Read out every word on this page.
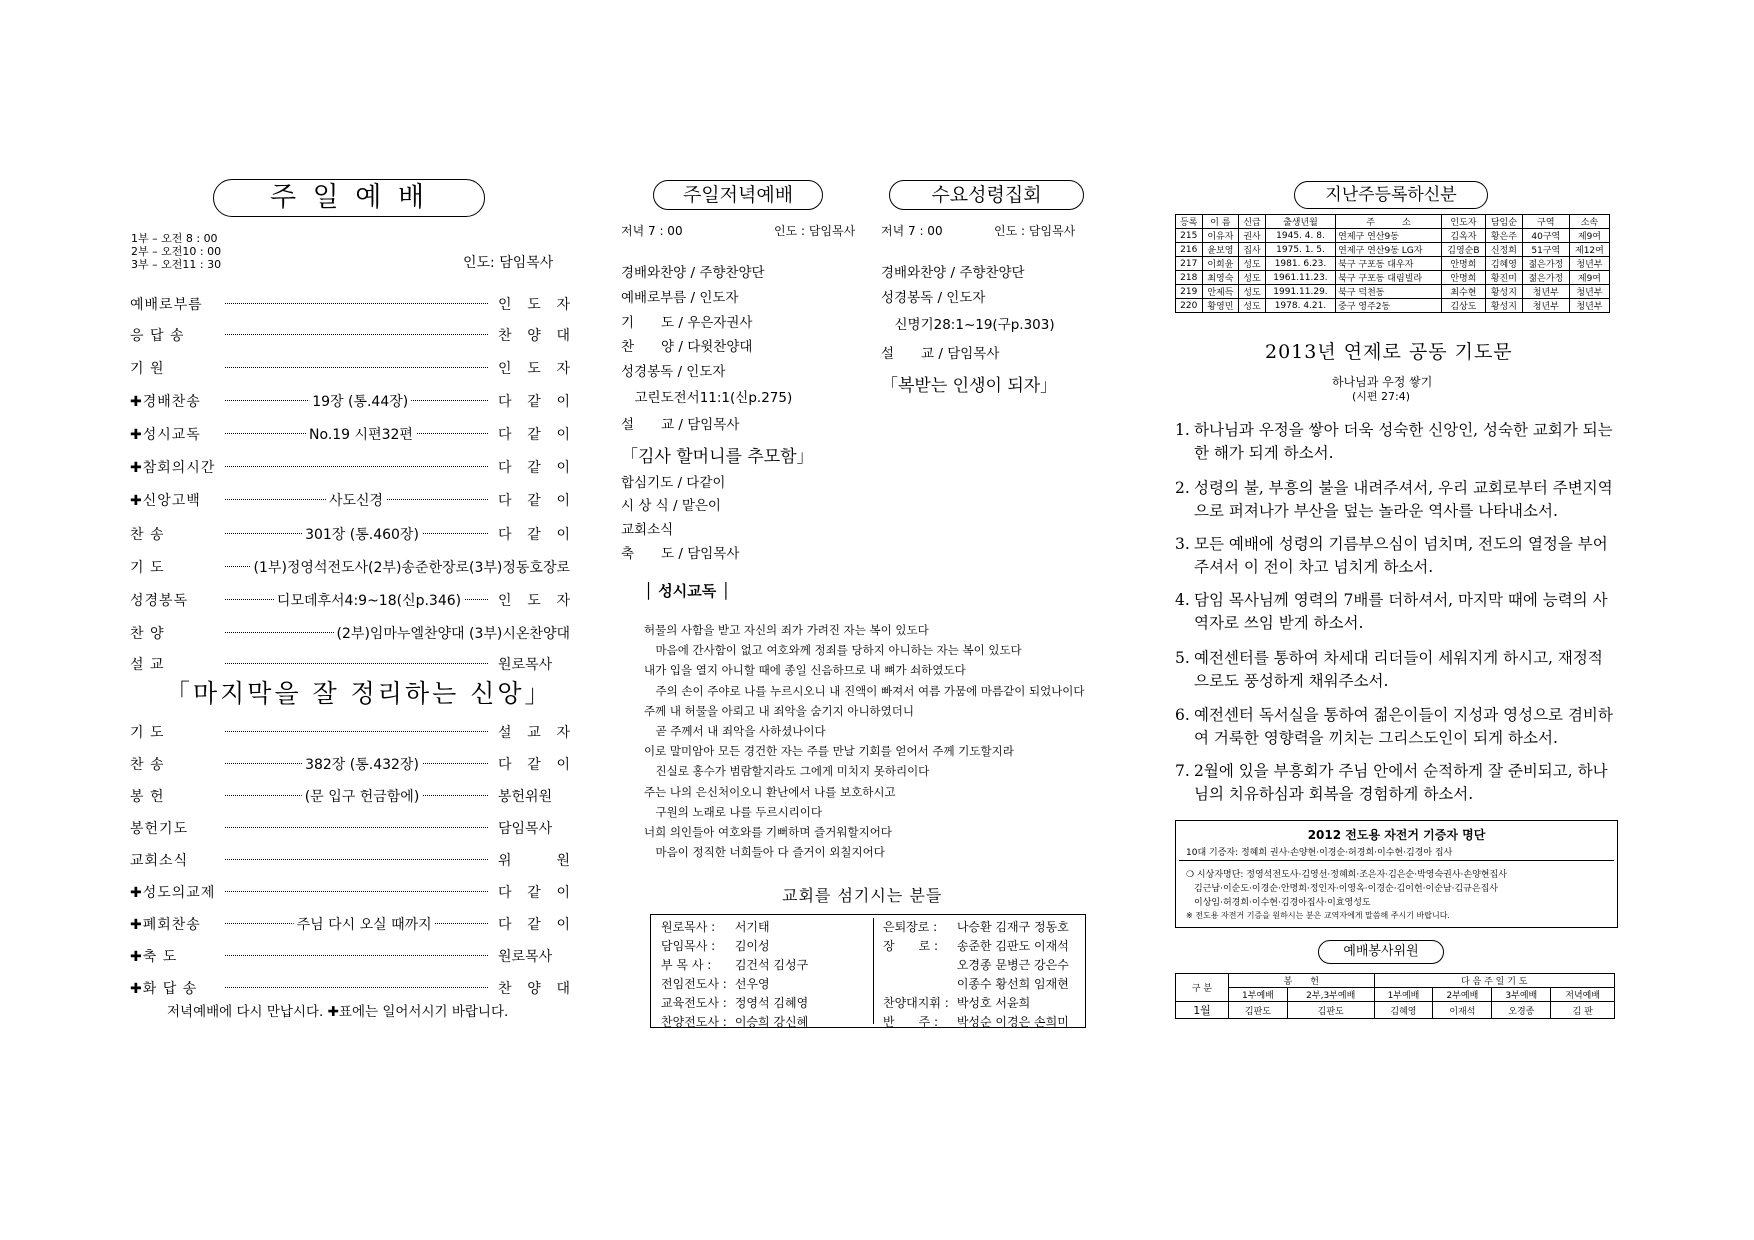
주 일 예 배
1부 – 오전 8 : 00
2부 – 오전10 : 00
3부 – 오전11 : 30	인도: 담임목사
예배로부름	인 도 자
응 답 송	찬 양 대
기 원	인 도 자
✚경배찬송	19장 (통.44장)	다 같 이
✚성시교독	No.19 시편32편	다 같 이
✚참회의시간	다 같 이
✚신앙고백	사도신경	다 같 이
찬 송	301장 (통.460장)	다 같 이
기 도	(1부)정영석전도사(2부)송준한장로(3부)정동호장로
성경봉독	디모데후서4:9~18(신p.346)	인 도 자
찬 양	(2부)임마누엘찬양대 (3부)시온찬양대
설 교	원로목사
「마지막을 잘 정리하는 신앙」
기 도	설 교 자
찬 송	382장 (통.432장)	다 같 이
봉 헌	(문 입구 헌금함에)	봉헌위원
봉헌기도	담임목사
교회소식	위 원
✚성도의교제	다 같 이
✚폐회찬송	주님 다시 오실 때까지	다 같 이
✚축 도	원로목사
✚화 답 송	찬 양 대
저녁예배에 다시 만납시다. ✚표에는 일어서시기 바랍니다.
주일저녁예배	수요성령집회
저녁 7 : 00	인도 : 담임목사 저녁 7 : 00	인도 : 담임목사
경배와찬양 / 주향찬양단
예배로부름 / 인도자
기　　도 / 우은자권사
찬　　양 / 다윗찬양대
성경봉독 / 인도자
　고린도전서11:1(신p.275)
설　　교 / 담임목사
「김사 할머니를 추모함」
합심기도 / 다같이
시 상 식 / 맡은이
교회소식
축　　도 / 담임목사
경배와찬양 / 주향찬양단
성경봉독 / 인도자
　신명기28:1~19(구p.303)
설　　교 / 담임목사
「복받는 인생이 되자」
│ 성시교독 │
허물의 사함을 받고 자신의 죄가 가려진 자는 복이 있도다
　마음에 간사함이 없고 여호와께 정죄를 당하지 아니하는 자는 복이 있도다
내가 입을 열지 아니할 때에 종일 신음하므로 내 뼈가 쇠하였도다
　주의 손이 주야로 나를 누르시오니 내 진액이 빠져서 여름 가뭄에 마름같이 되었나이다
주께 내 허물을 아뢰고 내 죄악을 숨기지 아니하였더니
　곧 주께서 내 죄악을 사하셨나이다
이로 말미암아 모든 경건한 자는 주를 만날 기회를 얻어서 주께 기도할지라
　진실로 홍수가 범람할지라도 그에게 미치지 못하리이다
주는 나의 은신처이오니 환난에서 나를 보호하시고
　구원의 노래로 나를 두르시리이다
너희 의인들아 여호와를 기뻐하며 즐거워할지어다
　마음이 정직한 너희들아 다 즐거이 외칠지어다
교회를 섬기시는 분들
원로목사 :	서기태
담임목사 :	김이성
부 목 사 :	김건석 김성구
전임전도사 :	선우영
교육전도사 :	정영석 김혜영
찬양전도사 :	이승희 강신혜
은퇴장로 :	나승환 김재구 정동호
장　　로 :	송준한 김판도 이재석
	오경종 문병근 강은수
	이종수 황선희 임재현
찬양대지휘 :	박성호 서윤희
반　　주 :	박성순 이경은 손희미
지난주등록하신분
등록	이 름	신급	출생년월	주　　　소	인도자	담임순	구역	소속
215	이유자	권사	1945. 4. 8.	연제구 연산9동	김옥자	황은주	40구역	제9여
216	윤보영	집사	1975. 1. 5.	연제구 연산9동 LG자	김영순B	신정희	51구역	제12여
217	이희윤	성도	1981. 6.23.	북구 구포동 대우자	안명희	김혜영	젊은가정	청년부
218	최영숙	성도	1961.11.23.	북구 구포동 대림빌라	안명희	황진미	젊은가정	제9여
219	안제득	성도	1991.11.29.	북구 덕천동	최수현	황성지	청년부	청년부
220	황영민	성도	1978. 4.21.	중구 영주2동	김상도	황성지	청년부	청년부
2013년 연제로 공동 기도문
하나님과 우정 쌓기
(시편 27:4)
1. 하나님과 우정을 쌓아 더욱 성숙한 신앙인, 성숙한 교회가 되는 한 해가 되게 하소서.
2. 성령의 불, 부흥의 불을 내려주셔서, 우리 교회로부터 주변지역으로 퍼져나가 부산을 덮는 놀라운 역사를 나타내소서.
3. 모든 예배에 성령의 기름부으심이 넘치며, 전도의 열정을 부어주셔서 이 전이 차고 넘치게 하소서.
4. 담임 목사님께 영력의 7배를 더하셔서, 마지막 때에 능력의 사역자로 쓰임 받게 하소서.
5. 예전센터를 통하여 차세대 리더들이 세워지게 하시고, 재정적으로도 풍성하게 채워주소서.
6. 예전센터 독서실을 통하여 젊은이들이 지성과 영성으로 겸비하여 거룩한 영향력을 끼치는 그리스도인이 되게 하소서.
7. 2월에 있을 부흥회가 주님 안에서 순적하게 잘 준비되고, 하나님의 치유하심과 회복을 경험하게 하소서.
2012 전도용 자전거 기증자 명단
10대 기증자: 정혜희 권사·손양현·이경순·허경희·이수현·김경아 집사
❍ 시상자명단: 정영석전도사·김영선·정혜희·조은자·김은순·박영숙권사·손양현집사
김근남·이순도·이경순·안명희·정인자·이영옥·이경순·김이헌·이순남·김규은집사
이상임·허경희·이수현·김경아집사·이효영성도
※ 전도용 자전거 기증을 원하시는 분은 교역자에게 말씀해 주시기 바랍니다.
예배봉사위원
구 분	봉　　헌		다 음 주 일 기 도			
	1부예배	2부,3부예배	1부예배	2부예배	3부예배	저녁예배
1월	김판도	김판도	김혜영	이재석	오경종	김 판
